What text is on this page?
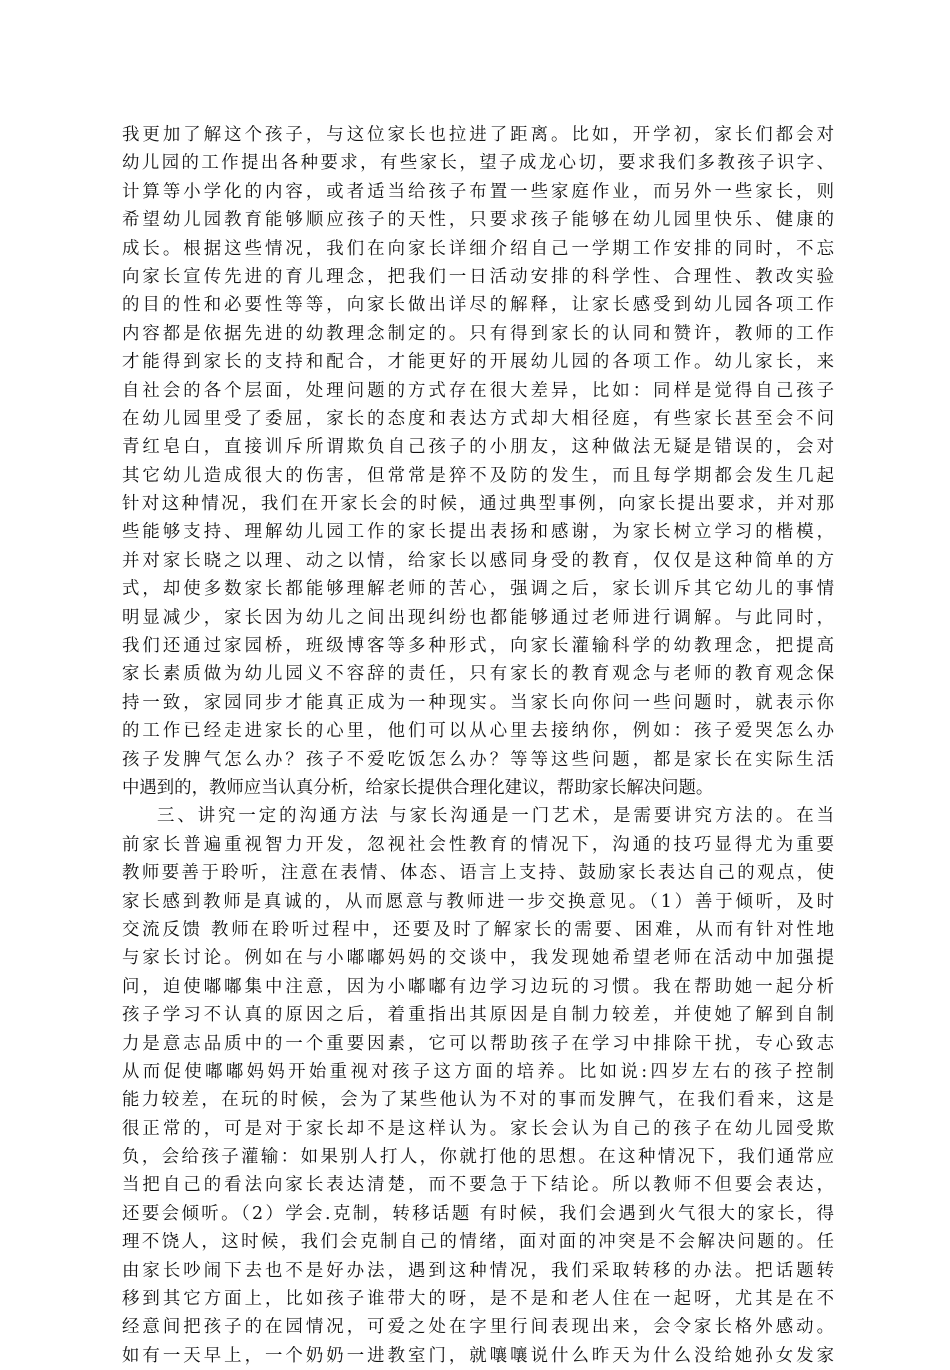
我更加了解这个孩子，与这位家长也拉进了距离。比如，开学初，家长们都会对
幼儿园的工作提出各种要求，有些家长，望子成龙心切，要求我们多教孩子识字、
计算等小学化的内容，或者适当给孩子布置一些家庭作业，而另外一些家长，则
希望幼儿园教育能够顺应孩子的天性，只要求孩子能够在幼儿园里快乐、健康的
成长。根据这些情况，我们在向家长详细介绍自己一学期工作安排的同时，不忘
向家长宣传先进的育儿理念，把我们一日活动安排的科学性、合理性、教改实验
的目的性和必要性等等，向家长做出详尽的解释，让家长感受到幼儿园各项工作
内容都是依据先进的幼教理念制定的。只有得到家长的认同和赞许，教师的工作
才能得到家长的支持和配合，才能更好的开展幼儿园的各项工作。幼儿家长，来
自社会的各个层面，处理问题的方式存在很大差异，比如：同样是觉得自己孩子
在幼儿园里受了委屈，家长的态度和表达方式却大相径庭，有些家长甚至会不问
青红皂白，直接训斥所谓欺负自己孩子的小朋友，这种做法无疑是错误的，会对
其它幼儿造成很大的伤害，但常常是猝不及防的发生，而且每学期都会发生几起
针对这种情况，我们在开家长会的时候，通过典型事例，向家长提出要求，并对那
些能够支持、理解幼儿园工作的家长提出表扬和感谢，为家长树立学习的楷模，
并对家长晓之以理、动之以情，给家长以感同身受的教育，仅仅是这种简单的方
式，却使多数家长都能够理解老师的苦心，强调之后，家长训斥其它幼儿的事情
明显减少，家长因为幼儿之间出现纠纷也都能够通过老师进行调解。与此同时，
我们还通过家园桥，班级博客等多种形式，向家长灌输科学的幼教理念，把提高
家长素质做为幼儿园义不容辞的责任，只有家长的教育观念与老师的教育观念保
持一致，家园同步才能真正成为一种现实。当家长向你问一些问题时，就表示你
的工作已经走进家长的心里，他们可以从心里去接纳你，例如：孩子爱哭怎么办
孩子发脾气怎么办？孩子不爱吃饭怎么办？等等这些问题，都是家长在实际生活
中遇到的，教师应当认真分析，给家长提供合理化建议，帮助家长解决问题。
三、讲究一定的沟通方法 与家长沟通是一门艺术，是需要讲究方法的。在当
前家长普遍重视智力开发，忽视社会性教育的情况下，沟通的技巧显得尤为重要
教师要善于聆听，注意在表情、体态、语言上支持、鼓励家长表达自己的观点，使
家长感到教师是真诚的，从而愿意与教师进一步交换意见。（1）善于倾听，及时
交流反馈 教师在聆听过程中，还要及时了解家长的需要、困难，从而有针对性地
与家长讨论。例如在与小嘟嘟妈妈的交谈中，我发现她希望老师在活动中加强提
问，迫使嘟嘟集中注意，因为小嘟嘟有边学习边玩的习惯。我在帮助她一起分析
孩子学习不认真的原因之后，着重指出其原因是自制力较差，并使她了解到自制
力是意志品质中的一个重要因素，它可以帮助孩子在学习中排除干扰，专心致志
从而促使嘟嘟妈妈开始重视对孩子这方面的培养。比如说:四岁左右的孩子控制
能力较差，在玩的时候，会为了某些他认为不对的事而发脾气，在我们看来，这是
很正常的，可是对于家长却不是这样认为。家长会认为自己的孩子在幼儿园受欺
负，会给孩子灌输：如果别人打人，你就打他的思想。在这种情况下，我们通常应
当把自己的看法向家长表达清楚，而不要急于下结论。所以教师不但要会表达，
还要会倾听。（2）学会.克制，转移话题 有时候，我们会遇到火气很大的家长，得
理不饶人，这时候，我们会克制自己的情绪，面对面的冲突是不会解决问题的。任
由家长吵闹下去也不是好办法，遇到这种情况，我们采取转移的办法。把话题转
移到其它方面上，比如孩子谁带大的呀，是不是和老人住在一起呀，尤其是在不
经意间把孩子的在园情况，可爱之处在字里行间表现出来，会令家长格外感动。
如有一天早上，一个奶奶一进教室门，就嚷嚷说什么昨天为什么没给她孙女发家
